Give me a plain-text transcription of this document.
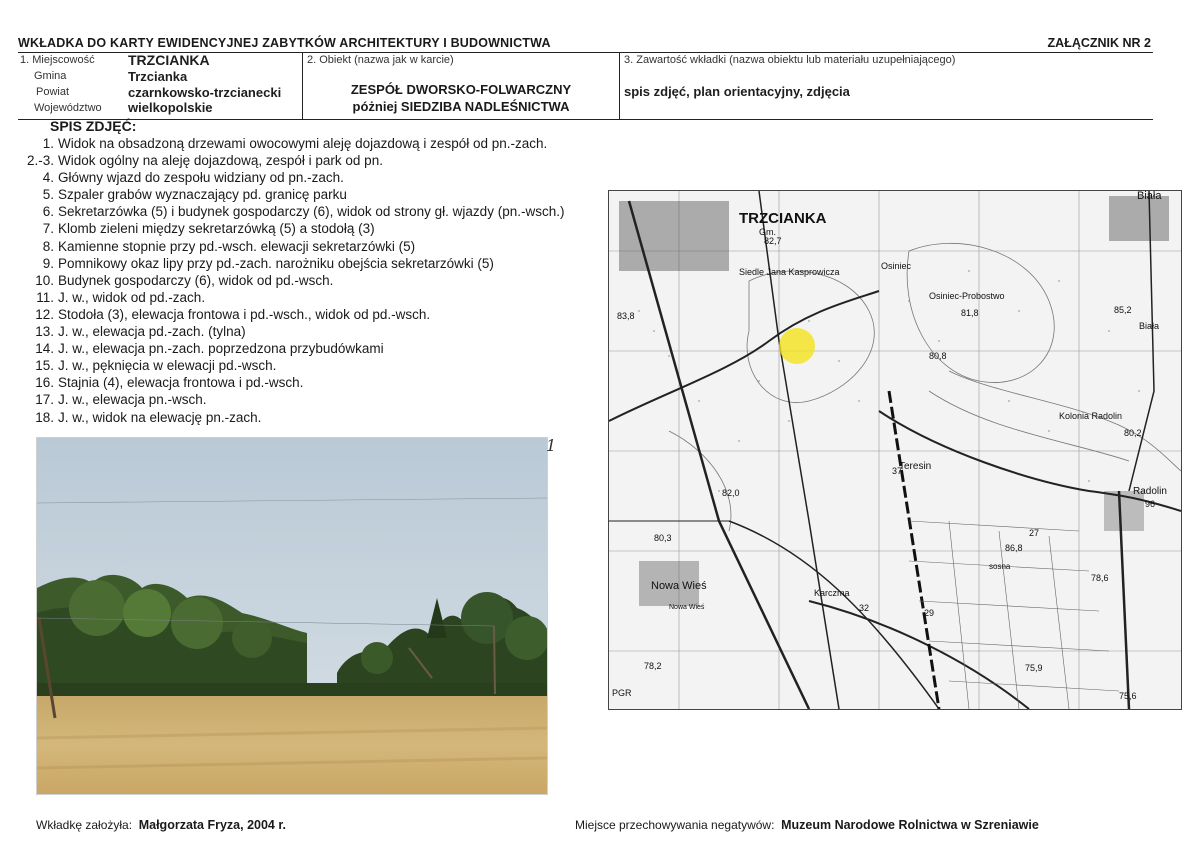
WKŁADKA DO KARTY EWIDENCYJNEJ ZABYTKÓW ARCHITEKTURY I BUDOWNICTWA	ZAŁĄCZNIK NR 2
1. Miejscowość TRZCIANKA
Gmina	Trzcianka
Powiat	czarnkowsko-trzcianecki
Województwo wielkopolskie
2. Obiekt (nazwa jak w karcie)
ZESPÓŁ DWORSKO-FOLWARCZNY
póżniej SIEDZIBA NADLEŚNICTWA
3. Zawartość wkładki (nazwa obiektu lub materiału uzupełniającego)
spis zdjęć, plan orientacyjny, zdjęcia
SPIS ZDJĘĆ:
1. Widok na obsadzoną drzewami owocowymi aleję dojazdową i zespół od pn.-zach.
2.-3. Widok ogólny na aleję dojazdową, zespół i park od pn.
4. Główny wjazd do zespołu widziany od pn.-zach.
5. Szpaler grabów wyznaczający pd. granicę parku
6. Sekretarzówka (5) i budynek gospodarczy (6), widok od strony gł. wjazdy (pn.-wsch.)
7. Klomb zieleni między sekretarzówką (5) a stodołą (3)
8. Kamienne stopnie przy pd.-wsch. elewacji sekretarzówki (5)
9. Pomnikowy okaz lipy przy pd.-zach. narożniku obejścia sekretarzówki (5)
10. Budynek gospodarczy (6), widok od pd.-wsch.
11. J. w., widok od pd.-zach.
12. Stodoła (3), elewacja frontowa i pd.-wsch., widok od pd.-wsch.
13. J. w., elewacja pd.-zach. (tylna)
14. J. w., elewacja pn.-zach. poprzedzona przybudówkami
15. J. w., pęknięcia w elewacji pd.-wsch.
16. Stajnia (4), elewacja frontowa i pd.-wsch.
17. J. w., elewacja pn.-wsch.
18. J. w., widok na elewację pn.-zach.
1
TRZCIANKA
Gm.
82,7
Siedle Jana Kasprowicza
Osiniec
Osiniec-Probostwo
Biała
Biała
85,2
83,8
80,8
81,8
Kolonia Radolin
80,2
Teresin
37
Radolin
96
82,0
80,3
Nowa Wieś
Nowa Wieś
Karczma
sosna
86,8
27
32	29
78,6
78,2	75,9
75,6
PGR
Wkładkę założyła: Małgorzata Fryza, 2004 r.	Miejsce przechowywania negatywów: Muzeum Narodowe Rolnictwa w Szreniawie
